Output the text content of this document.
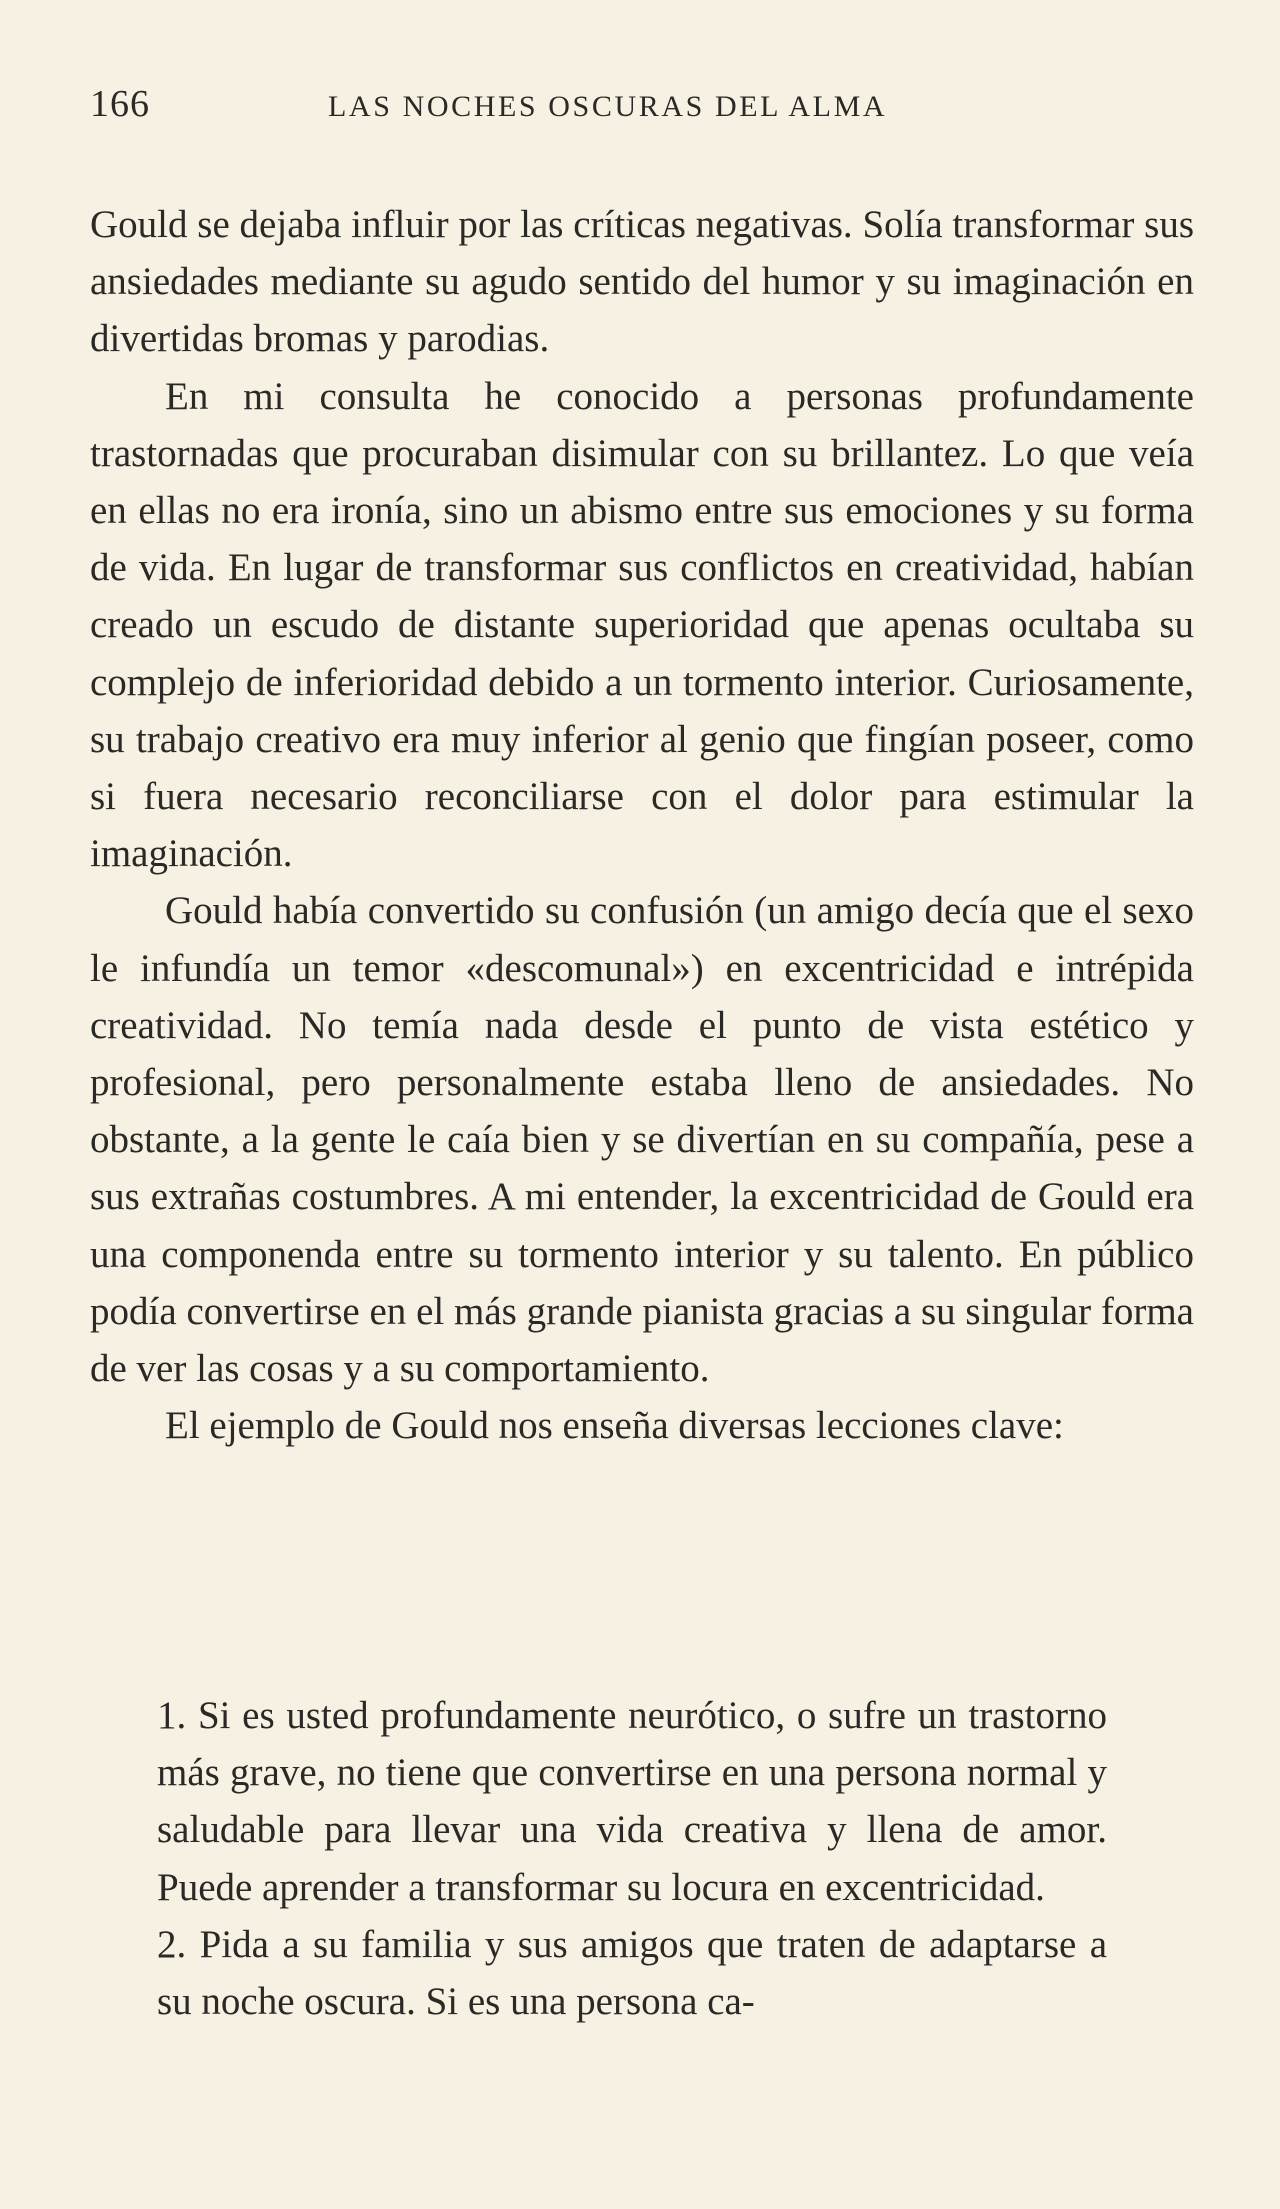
166	LAS NOCHES OSCURAS DEL ALMA

Gould se dejaba influir por las críticas negativas. Solía transformar sus ansiedades mediante su agudo sentido del humor y su imaginación en divertidas bromas y parodias.

En mi consulta he conocido a personas profundamente trastornadas que procuraban disimular con su brillantez. Lo que veía en ellas no era ironía, sino un abismo entre sus emociones y su forma de vida. En lugar de transformar sus conflictos en creatividad, habían creado un escudo de distante superioridad que apenas ocultaba su complejo de inferioridad debido a un tormento interior. Curiosamente, su trabajo creativo era muy inferior al genio que fingían poseer, como si fuera necesario reconciliarse con el dolor para estimular la imaginación.

Gould había convertido su confusión (un amigo decía que el sexo le infundía un temor «descomunal») en excentricidad e intrépida creatividad. No temía nada desde el punto de vista estético y profesional, pero personalmente estaba lleno de ansiedades. No obstante, a la gente le caía bien y se divertían en su compañía, pese a sus extrañas costumbres. A mi entender, la excentricidad de Gould era una componenda entre su tormento interior y su talento. En público podía convertirse en el más grande pianista gracias a su singular forma de ver las cosas y a su comportamiento.

El ejemplo de Gould nos enseña diversas lecciones clave:

1. Si es usted profundamente neurótico, o sufre un trastorno más grave, no tiene que convertirse en una persona normal y saludable para llevar una vida creativa y llena de amor. Puede aprender a transformar su locura en excentricidad.

2. Pida a su familia y sus amigos que traten de adaptarse a su noche oscura. Si es una persona ca-
